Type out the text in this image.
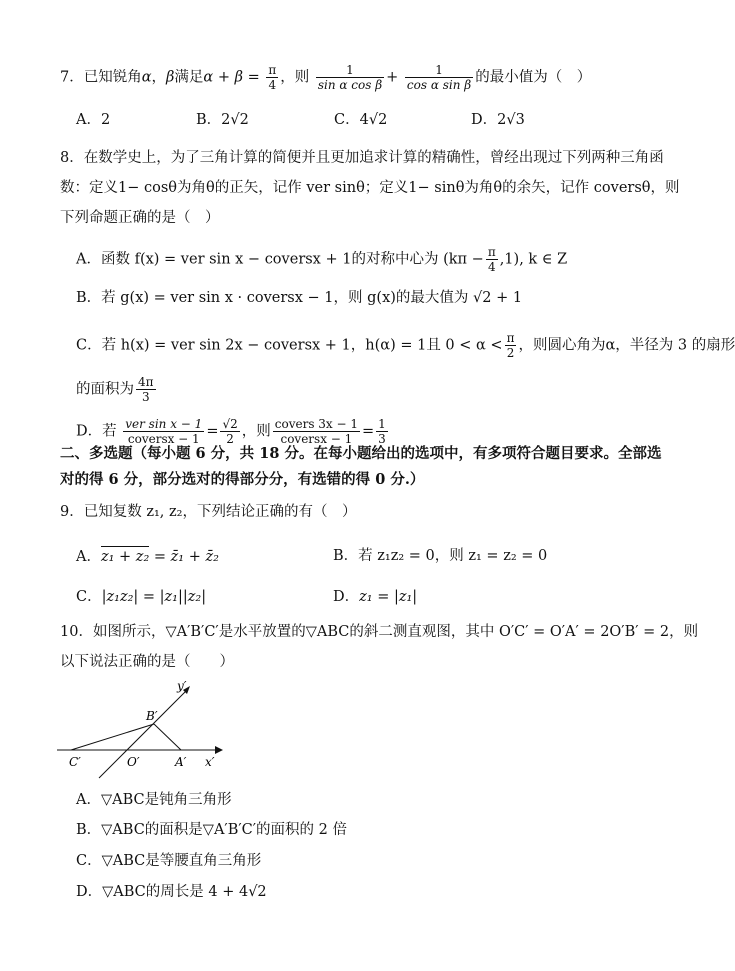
7．已知锐角α，β满足$\alpha + \beta = \frac{\pi}{4}$ ，则 $\frac{1}{\text{sin α cos β}} + \frac{1}{\text{cos α sin β}}$ 的最小值为（　）
A．2	B．2√2	C．4√2	D．2√3
8．在数学史上，为了三角计算的简便并且更加追求计算的精确性，曾经出现过下列两种三角函
数：定义1− cosθ为角θ的正矢，记作 ver sinθ；定义1− sinθ为角θ的余矢，记作 coversθ，则
下列命题正确的是（　）
A．函数 f(x) = ver sin x − coversx + 1的对称中心为 $(k\pi - \frac{\pi}{4} ,1)$, k ∈ Z
B．若 g(x) = ver sin x · coversx − 1，则 g(x)的最大值为 √2 + 1
C．若 h(x) = ver sin 2x − coversx + 1，h(α) = 1且 $0 < \alpha < \frac{\pi}{2}$ ，则圆心角为α，半径为 3 的扇形
的面积为 $\frac{4\pi}{3}$
D．若 $\frac{\text{ver sin x − 1}}{\text{coversx − 1}} = \frac{√2}{2}$ ，则 $\frac{\text{covers 3x − 1}}{\text{coversx − 1}} = \frac{1}{3}$
二、多选题（每小题 6 分，共 18 分。在每小题给出的选项中，有多项符合题目要求。全部选
对的得 6 分，部分选对的得部分分，有选错的得 0 分.）
9．已知复数 z₁, z₂，下列结论正确的有（　）
A．z₁ + z₂ = z̄₁ + z̄₂	B．若 z₁z₂ = 0，则 z₁ = z₂ = 0
C．|z₁z₂| = |z₁||z₂|	D．z₁ = |z₁|
10．如图所示，▽A′B′C′是水平放置的▽ABC的斜二测直观图，其中 O′C′ = O′A′ = 2O′B′ = 2，则
以下说法正确的是（　　）
y′
B′
C′	O′	A′ x′
A．▽ABC是钝角三角形
B．▽ABC的面积是▽A′B′C′的面积的 2 倍
C．▽ABC是等腰直角三角形
D．▽ABC的周长是 4 + 4√2
